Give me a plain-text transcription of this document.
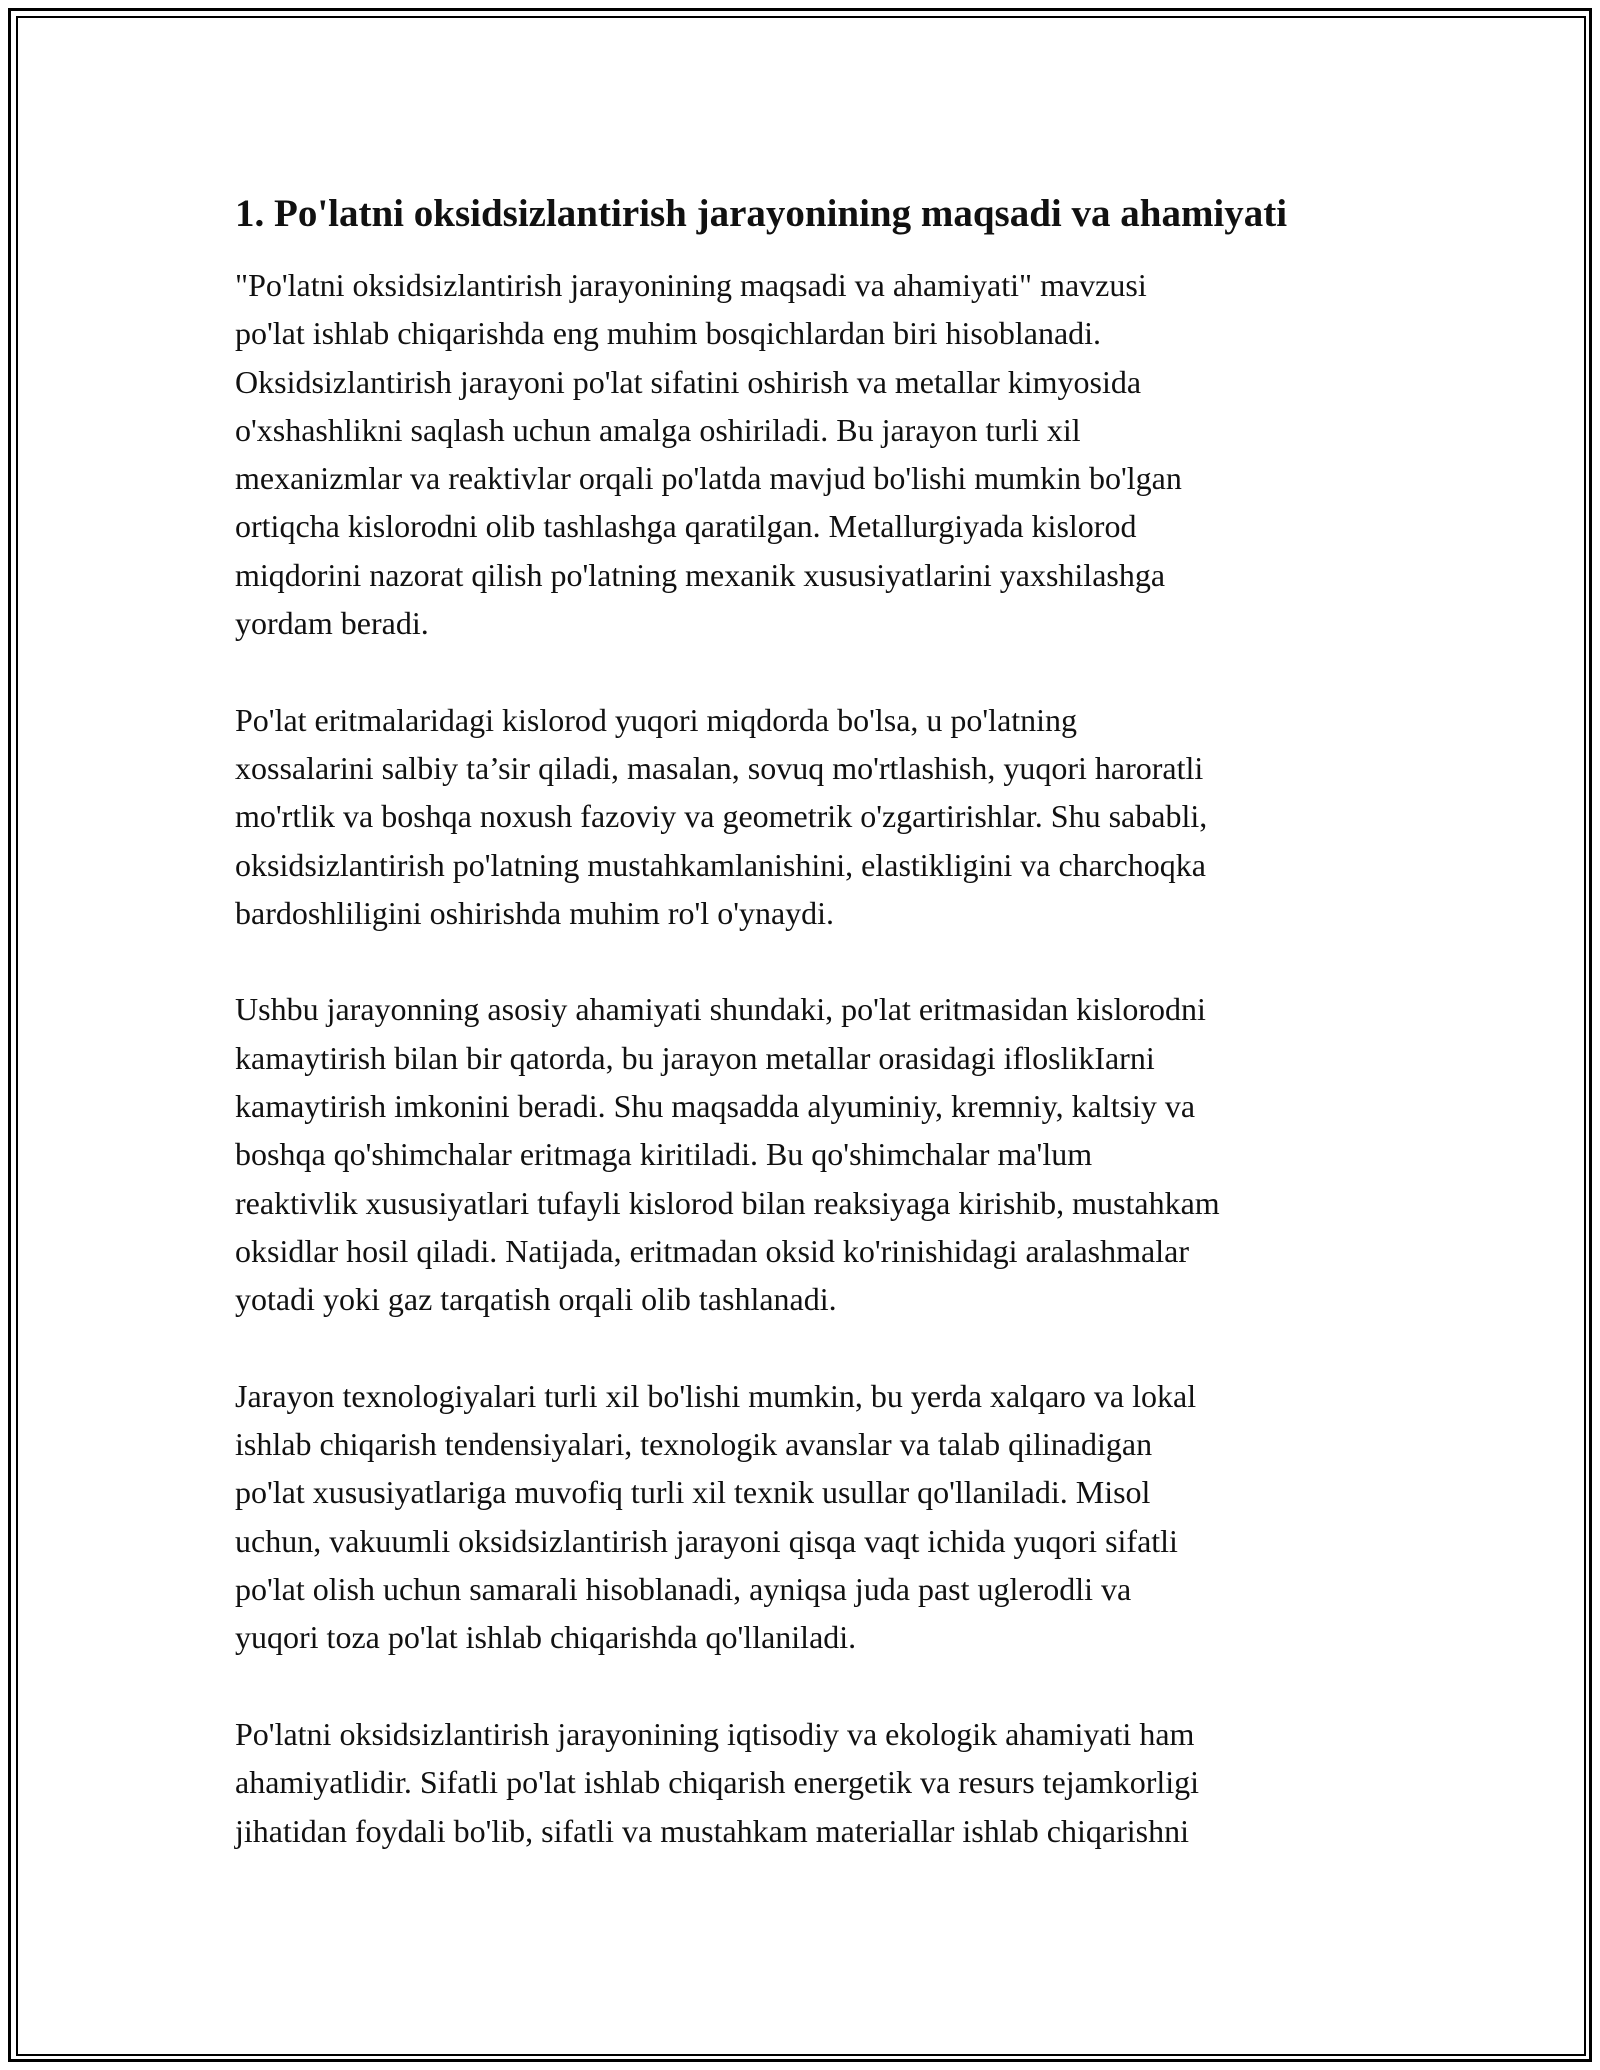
1. Po'latni oksidsizlantirish jarayonining maqsadi va ahamiyati
"Po'latni oksidsizlantirish jarayonining maqsadi va ahamiyati" mavzusi
po'lat ishlab chiqarishda eng muhim bosqichlardan biri hisoblanadi.
Oksidsizlantirish jarayoni po'lat sifatini oshirish va metallar kimyosida
o'xshashlikni saqlash uchun amalga oshiriladi. Bu jarayon turli xil
mexanizmlar va reaktivlar orqali po'latda mavjud bo'lishi mumkin bo'lgan
ortiqcha kislorodni olib tashlashga qaratilgan. Metallurgiyada kislorod
miqdorini nazorat qilish po'latning mexanik xususiyatlarini yaxshilashga
yordam beradi.
Po'lat eritmalaridagi kislorod yuqori miqdorda bo'lsa, u po'latning
xossalarini salbiy ta’sir qiladi, masalan, sovuq mo'rtlashish, yuqori haroratli
mo'rtlik va boshqa noxush fazoviy va geometrik o'zgartirishlar. Shu sababli,
oksidsizlantirish po'latning mustahkamlanishini, elastikligini va charchoqka
bardoshliligini oshirishda muhim ro'l o'ynaydi.
Ushbu jarayonning asosiy ahamiyati shundaki, po'lat eritmasidan kislorodni
kamaytirish bilan bir qatorda, bu jarayon metallar orasidagi ifloslikIarni
kamaytirish imkonini beradi. Shu maqsadda alyuminiy, kremniy, kaltsiy va
boshqa qo'shimchalar eritmaga kiritiladi. Bu qo'shimchalar ma'lum
reaktivlik xususiyatlari tufayli kislorod bilan reaksiyaga kirishib, mustahkam
oksidlar hosil qiladi. Natijada, eritmadan oksid ko'rinishidagi aralashmalar
yotadi yoki gaz tarqatish orqali olib tashlanadi.
Jarayon texnologiyalari turli xil bo'lishi mumkin, bu yerda xalqaro va lokal
ishlab chiqarish tendensiyalari, texnologik avanslar va talab qilinadigan
po'lat xususiyatlariga muvofiq turli xil texnik usullar qo'llaniladi. Misol
uchun, vakuumli oksidsizlantirish jarayoni qisqa vaqt ichida yuqori sifatli
po'lat olish uchun samarali hisoblanadi, ayniqsa juda past uglerodli va
yuqori toza po'lat ishlab chiqarishda qo'llaniladi.
Po'latni oksidsizlantirish jarayonining iqtisodiy va ekologik ahamiyati ham
ahamiyatlidir. Sifatli po'lat ishlab chiqarish energetik va resurs tejamkorligi
jihatidan foydali bo'lib, sifatli va mustahkam materiallar ishlab chiqarishni
